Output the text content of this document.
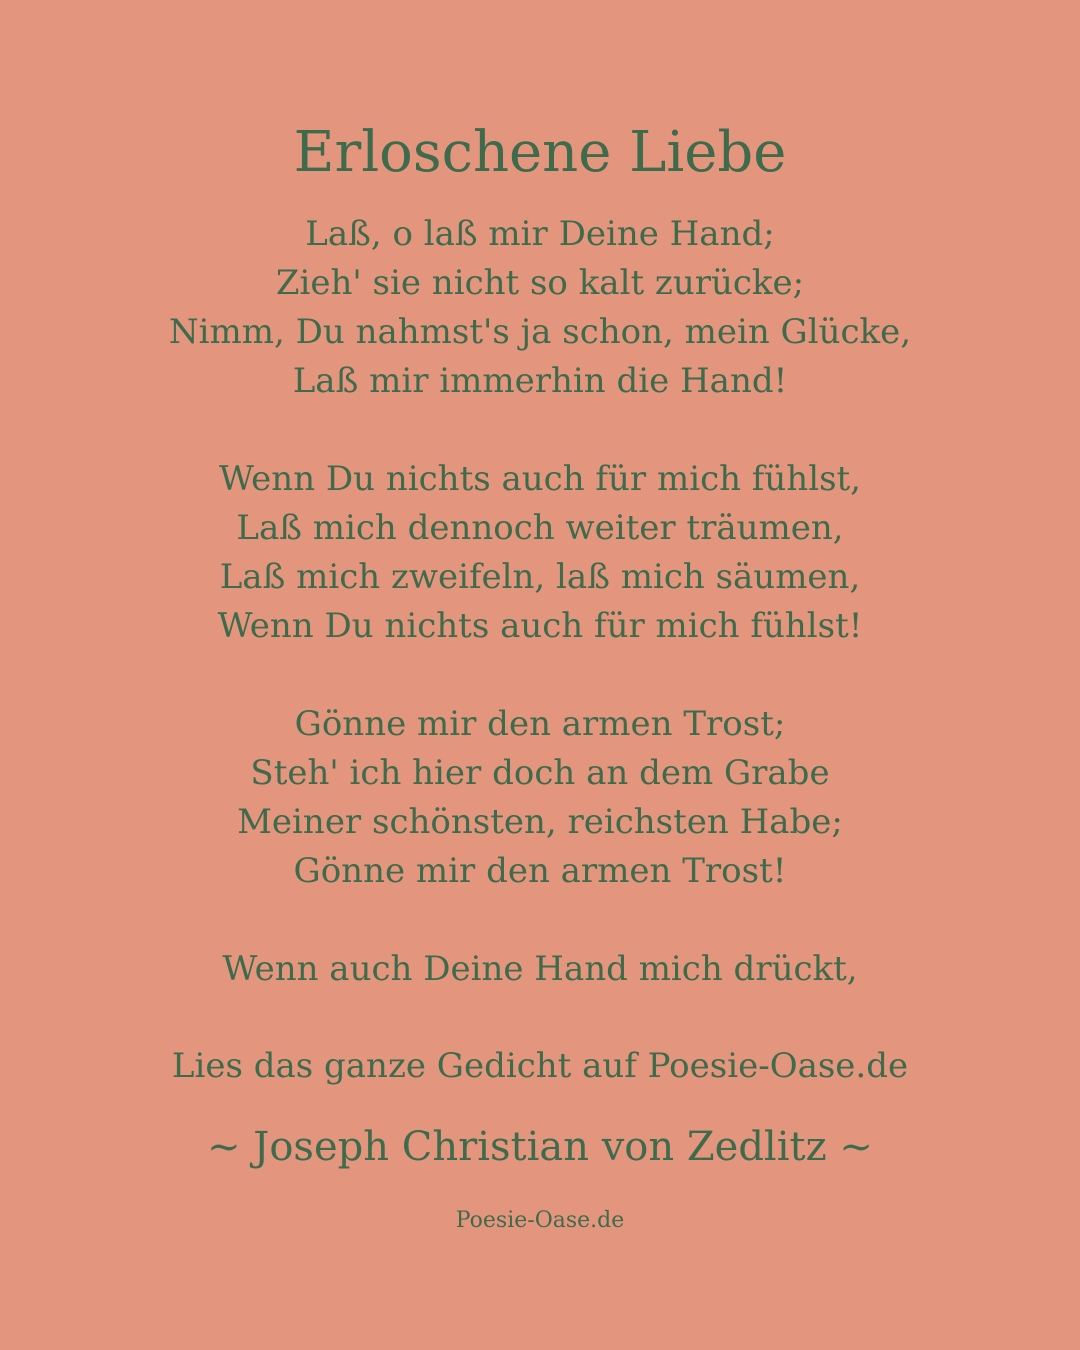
Erloschene Liebe
Laß, o laß mir Deine Hand;
Zieh' sie nicht so kalt zurücke;
Nimm, Du nahmst's ja schon, mein Glücke,
Laß mir immerhin die Hand!
Wenn Du nichts auch für mich fühlst,
Laß mich dennoch weiter träumen,
Laß mich zweifeln, laß mich säumen,
Wenn Du nichts auch für mich fühlst!
Gönne mir den armen Trost;
Steh' ich hier doch an dem Grabe
Meiner schönsten, reichsten Habe;
Gönne mir den armen Trost!
Wenn auch Deine Hand mich drückt,
Lies das ganze Gedicht auf Poesie-Oase.de
~ Joseph Christian von Zedlitz ~
Poesie-Oase.de
